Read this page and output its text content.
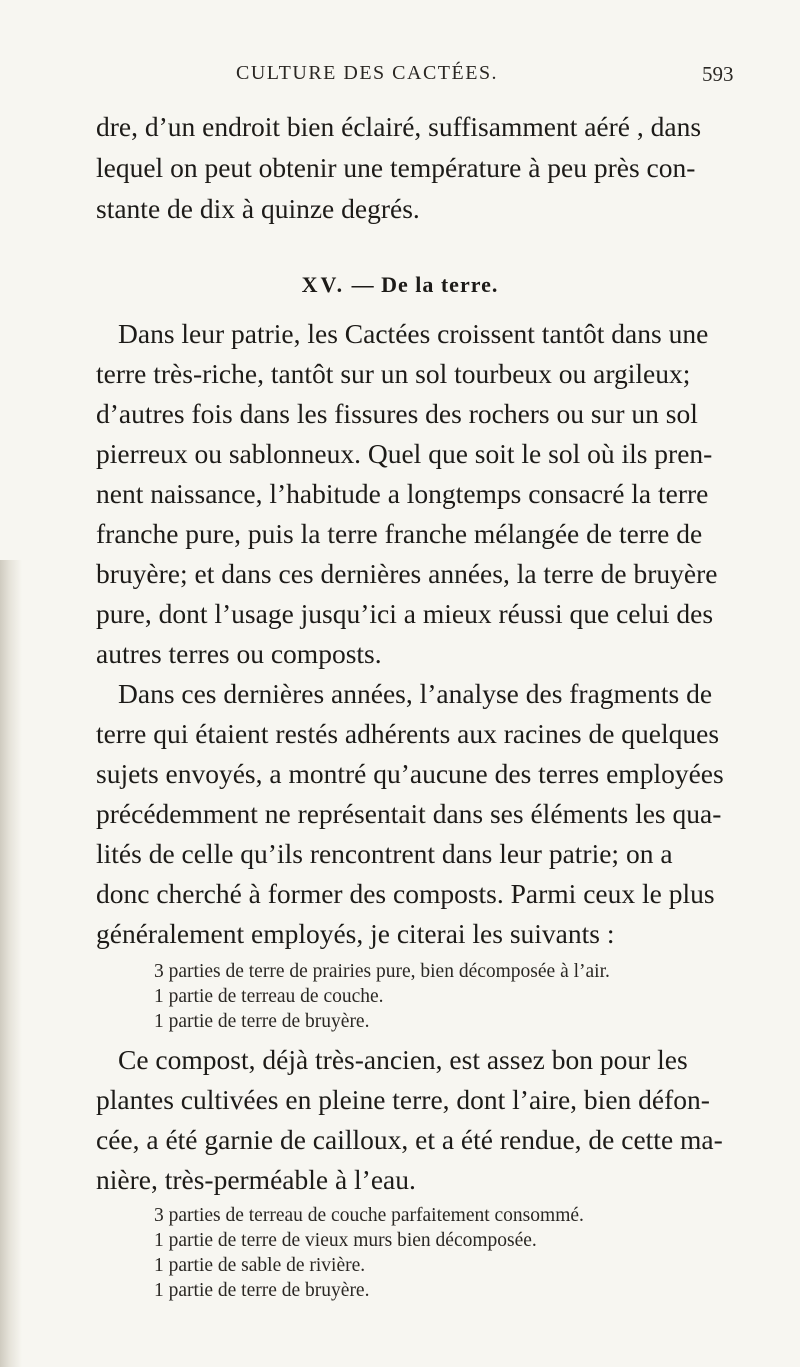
CULTURE DES CACTÉES.	593
dre, d’un endroit bien éclairé, suffisamment aéré , dans
lequel on peut obtenir une température à peu près con-
stante de dix à quinze degrés.
XV. — De la terre.
Dans leur patrie, les Cactées croissent tantôt dans une
terre très-riche, tantôt sur un sol tourbeux ou argileux;
d’autres fois dans les fissures des rochers ou sur un sol
pierreux ou sablonneux. Quel que soit le sol où ils pren-
nent naissance, l’habitude a longtemps consacré la terre
franche pure, puis la terre franche mélangée de terre de
bruyère; et dans ces dernières années, la terre de bruyère
pure, dont l’usage jusqu’ici a mieux réussi que celui des
autres terres ou composts.
Dans ces dernières années, l’analyse des fragments de
terre qui étaient restés adhérents aux racines de quelques
sujets envoyés, a montré qu’aucune des terres employées
précédemment ne représentait dans ses éléments les qua-
lités de celle qu’ils rencontrent dans leur patrie; on a
donc cherché à former des composts. Parmi ceux le plus
généralement employés, je citerai les suivants :
3 parties de terre de prairies pure, bien décomposée à l’air.
1 partie de terreau de couche.
1 partie de terre de bruyère.
Ce compost, déjà très-ancien, est assez bon pour les
plantes cultivées en pleine terre, dont l’aire, bien défon-
cée, a été garnie de cailloux, et a été rendue, de cette ma-
nière, très-perméable à l’eau.
3 parties de terreau de couche parfaitement consommé.
1 partie de terre de vieux murs bien décomposée.
1 partie de sable de rivière.
1 partie de terre de bruyère.
